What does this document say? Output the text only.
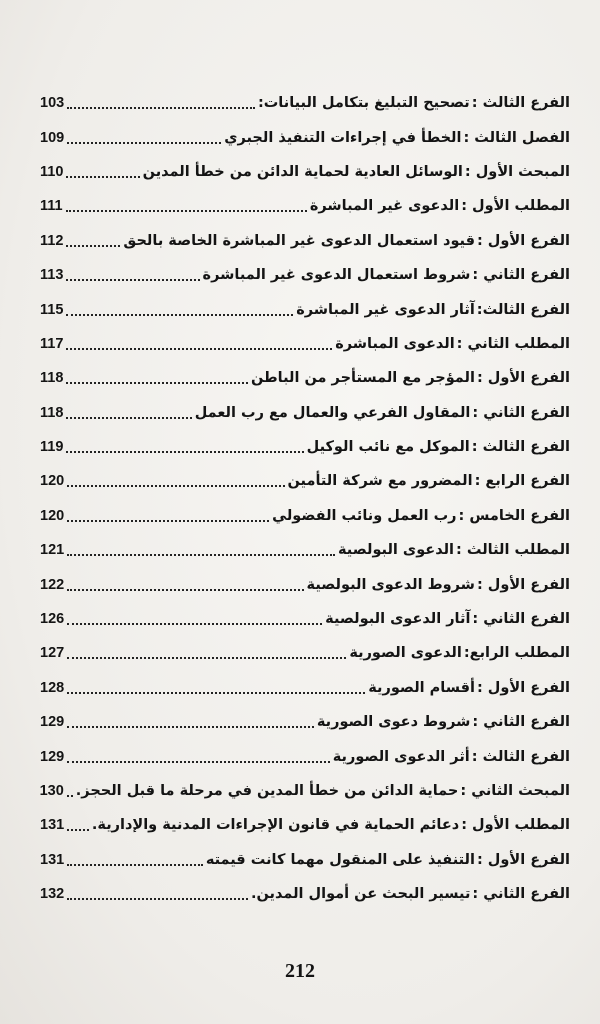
الفرع الثالث :
تصحيح التبليغ بتكامل البيانات:
103
الفصل الثالث :
الخطأ في إجراءات التنفيذ الجبري
109
المبحث الأول :
الوسائل العادية لحماية الدائن من خطأ المدين
110
المطلب الأول :
الدعوى غير المباشرة
111
الفرع الأول :
قيود استعمال الدعوى غير المباشرة الخاصة بالحق
112
الفرع الثاني :
شروط استعمال الدعوى غير المباشرة
113
الفرع الثالث:
آثار الدعوى غير المباشرة
115
المطلب الثاني :
الدعوى المباشرة
117
الفرع الأول :
المؤجر مع المستأجر من الباطن
118
الفرع الثاني :
المقاول الفرعي والعمال مع رب العمل
118
الفرع الثالث :
الموكل مع نائب الوكيل
119
الفرع الرابع :
المضرور مع شركة التأمين
120
الفرع الخامس :
رب العمل ونائب الفضولي
120
المطلب الثالث :
الدعوى البولصية
121
الفرع الأول :
شروط الدعوى البولصية
122
الفرع الثاني :
آثار الدعوى البولصية
126
المطلب الرابع:
الدعوى الصورية
127
الفرع الأول :
أقسام الصورية
128
الفرع الثاني :
شروط دعوى الصورية
129
الفرع الثالث :
أثر الدعوى الصورية
129
المبحث الثاني :
حماية الدائن من خطأ المدين في مرحلة ما قبل الحجز.
130
المطلب الأول :
دعائم الحماية في قانون الإجراءات المدنية والإدارية.
131
الفرع الأول :
التنفيذ على المنقول مهما كانت قيمته
131
الفرع الثاني :
تيسير البحث عن أموال المدين.
132
212
